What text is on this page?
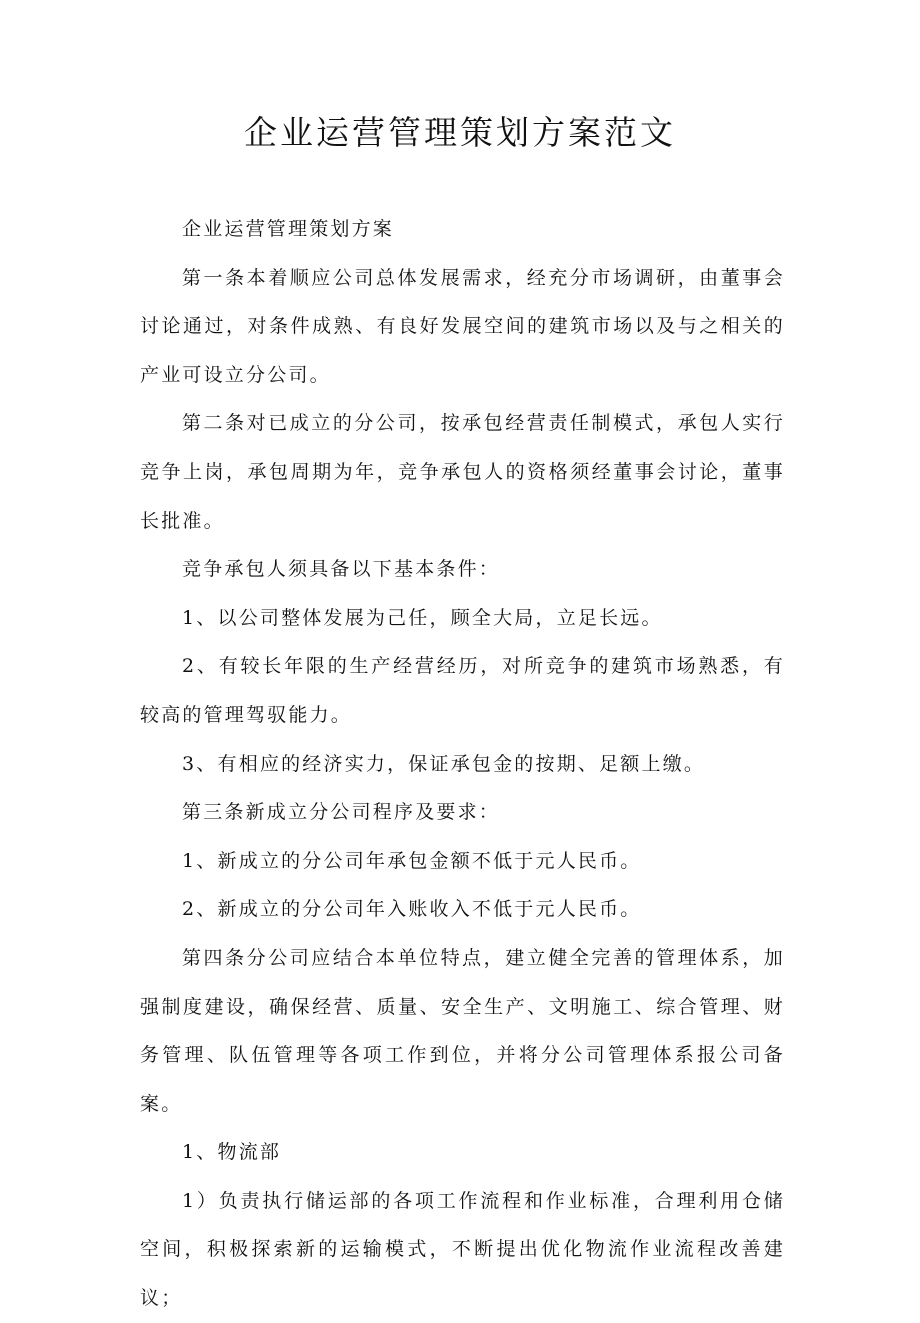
企业运营管理策划方案范文

企业运营管理策划方案

第一条本着顺应公司总体发展需求，经充分市场调研，由董事会讨论通过，对条件成熟、有良好发展空间的建筑市场以及与之相关的产业可设立分公司。

第二条对已成立的分公司，按承包经营责任制模式，承包人实行竞争上岗，承包周期为年，竞争承包人的资格须经董事会讨论，董事长批准。

竞争承包人须具备以下基本条件：

1、以公司整体发展为己任，顾全大局，立足长远。

2、有较长年限的生产经营经历，对所竞争的建筑市场熟悉，有较高的管理驾驭能力。

3、有相应的经济实力，保证承包金的按期、足额上缴。

第三条新成立分公司程序及要求：

1、新成立的分公司年承包金额不低于元人民币。

2、新成立的分公司年入账收入不低于元人民币。

第四条分公司应结合本单位特点，建立健全完善的管理体系，加强制度建设，确保经营、质量、安全生产、文明施工、综合管理、财务管理、队伍管理等各项工作到位，并将分公司管理体系报公司备案。

1、物流部

1）负责执行储运部的各项工作流程和作业标准，合理利用仓储空间，积极探索新的运输模式，不断提出优化物流作业流程改善建议；
